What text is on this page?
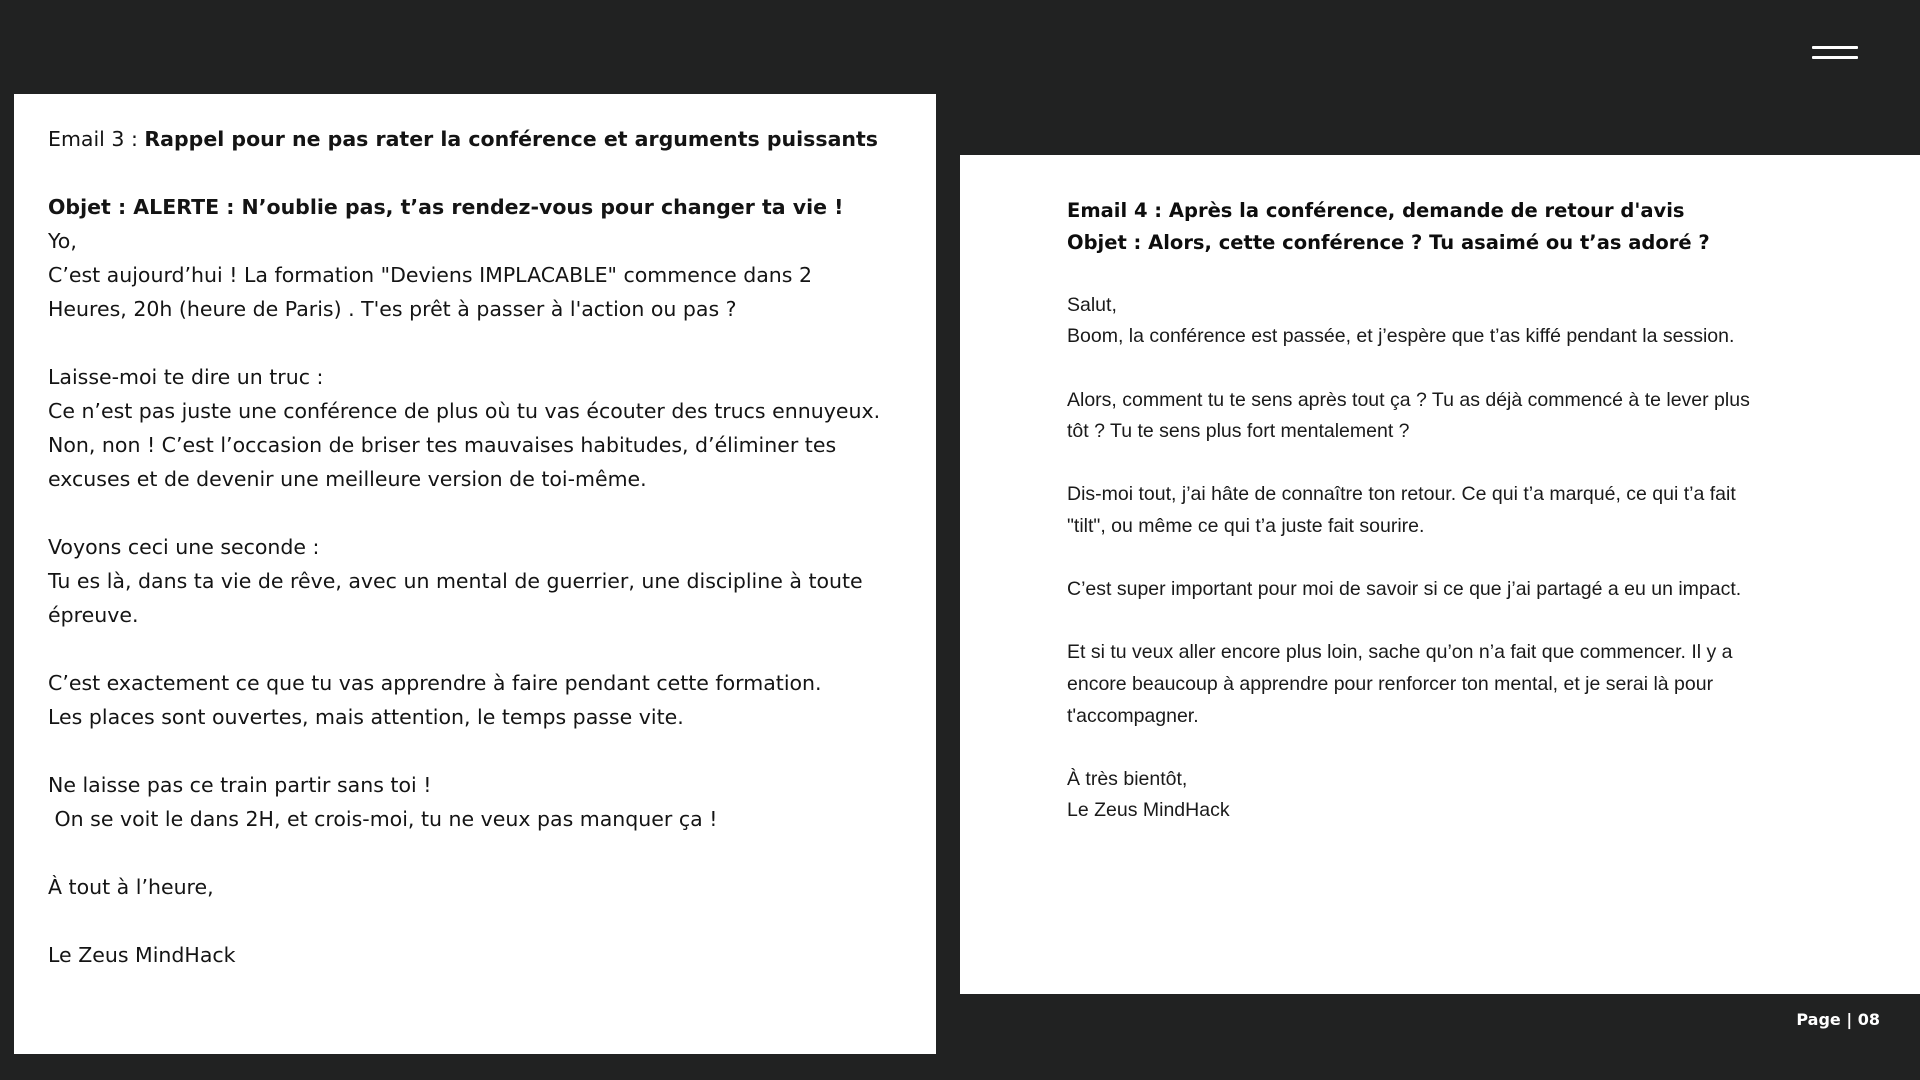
Email 3 : Rappel pour ne pas rater la conférence et arguments puissants

Objet : ALERTE : N’oublie pas, t’as rendez-vous pour changer ta vie !

Yo,

C’est aujourd’hui ! La formation "Deviens IMPLACABLE" commence dans 2

Heures, 20h (heure de Paris) . T'es prêt à passer à l'action ou pas ?

Laisse-moi te dire un truc :

Ce n’est pas juste une conférence de plus où tu vas écouter des trucs ennuyeux.

Non, non ! C’est l’occasion de briser tes mauvaises habitudes, d’éliminer tes

excuses et de devenir une meilleure version de toi-même.

Voyons ceci une seconde :

Tu es là, dans ta vie de rêve, avec un mental de guerrier, une discipline à toute

épreuve.

C’est exactement ce que tu vas apprendre à faire pendant cette formation.

Les places sont ouvertes, mais attention, le temps passe vite.

Ne laisse pas ce train partir sans toi !

On se voit le dans 2H, et crois-moi, tu ne veux pas manquer ça !

À tout à l’heure,

Le Zeus MindHack

Email 4 : Après la conférence, demande de retour d'avis

Objet : Alors, cette conférence ? Tu asaimé ou t’as adoré ?

Salut,

Boom, la conférence est passée, et j’espère que t’as kiffé pendant la session.

Alors, comment tu te sens après tout ça ? Tu as déjà commencé à te lever plus

tôt ? Tu te sens plus fort mentalement ?

Dis-moi tout, j’ai hâte de connaître ton retour. Ce qui t’a marqué, ce qui t’a fait

"tilt", ou même ce qui t’a juste fait sourire.

C’est super important pour moi de savoir si ce que j’ai partagé a eu un impact.

Et si tu veux aller encore plus loin, sache qu’on n’a fait que commencer. Il y a

encore beaucoup à apprendre pour renforcer ton mental, et je serai là pour

t'accompagner.

À très bientôt,

Le Zeus MindHack

Page | 08
